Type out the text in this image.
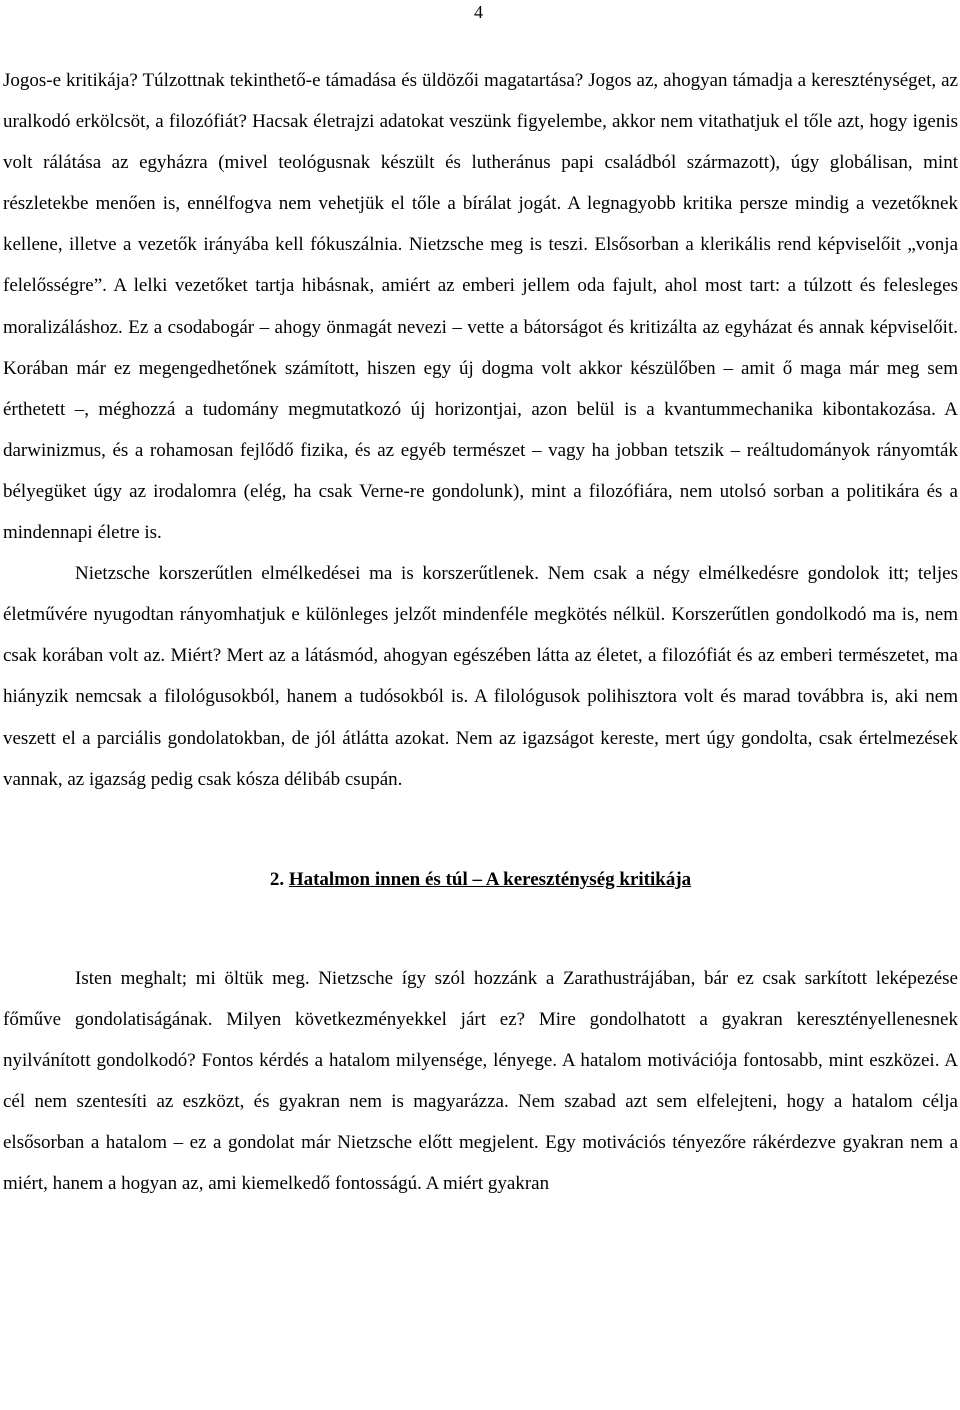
4

Jogos-e kritikája? Túlzottnak tekinthető-e támadása és üldözői magatartása? Jogos az, ahogyan támadja a kereszténységet, az uralkodó erkölcsöt, a filozófiát? Hacsak életrajzi adatokat veszünk figyelembe, akkor nem vitathatjuk el tőle azt, hogy igenis volt rálátása az egyházra (mivel teológusnak készült és lutheránus papi családból származott), úgy globálisan, mint részletekbe menően is, ennélfogva nem vehetjük el tőle a bírálat jogát. A legnagyobb kritika persze mindig a vezetőknek kellene, illetve a vezetők irányába kell fókuszálnia. Nietzsche meg is teszi. Elsősorban a klerikális rend képviselőit „vonja felelősségre”. A lelki vezetőket tartja hibásnak, amiért az emberi jellem oda fajult, ahol most tart: a túlzott és felesleges moralizáláshoz. Ez a csodabogár – ahogy önmagát nevezi – vette a bátorságot és kritizálta az egyházat és annak képviselőit. Korában már ez megengedhetőnek számított, hiszen egy új dogma volt akkor készülőben – amit ő maga már meg sem érthetett –, méghozzá a tudomány megmutatkozó új horizontjai, azon belül is a kvantummechanika kibontakozása. A darwinizmus, és a rohamosan fejlődő fizika, és az egyéb természet – vagy ha jobban tetszik – reáltudományok rányomták bélyegüket úgy az irodalomra (elég, ha csak Verne-re gondolunk), mint a filozófiára, nem utolsó sorban a politikára és a mindennapi életre is.

Nietzsche korszerűtlen elmélkedései ma is korszerűtlenek. Nem csak a négy elmélkedésre gondolok itt; teljes életművére nyugodtan rányomhatjuk e különleges jelzőt mindenféle megkötés nélkül. Korszerűtlen gondolkodó ma is, nem csak korában volt az. Miért? Mert az a látásmód, ahogyan egészében látta az életet, a filozófiát és az emberi természetet, ma hiányzik nemcsak a filológusokból, hanem a tudósokból is. A filológusok polihisztora volt és marad továbbra is, aki nem veszett el a parciális gondolatokban, de jól átlátta azokat. Nem az igazságot kereste, mert úgy gondolta, csak értelmezések vannak, az igazság pedig csak kósza délibáb csupán.

2. Hatalmon innen és túl – A kereszténység kritikája

Isten meghalt; mi öltük meg. Nietzsche így szól hozzánk a Zarathustrájában, bár ez csak sarkított leképezése főműve gondolatiságának. Milyen következményekkel járt ez? Mire gondolhatott a gyakran keresztényellenesnek nyilvánított gondolkodó? Fontos kérdés a hatalom milyensége, lényege. A hatalom motivációja fontosabb, mint eszközei. A cél nem szentesíti az eszközt, és gyakran nem is magyarázza. Nem szabad azt sem elfelejteni, hogy a hatalom célja elsősorban a hatalom – ez a gondolat már Nietzsche előtt megjelent. Egy motivációs tényezőre rákérdezve gyakran nem a miért, hanem a hogyan az, ami kiemelkedő fontosságú. A miért gyakran
